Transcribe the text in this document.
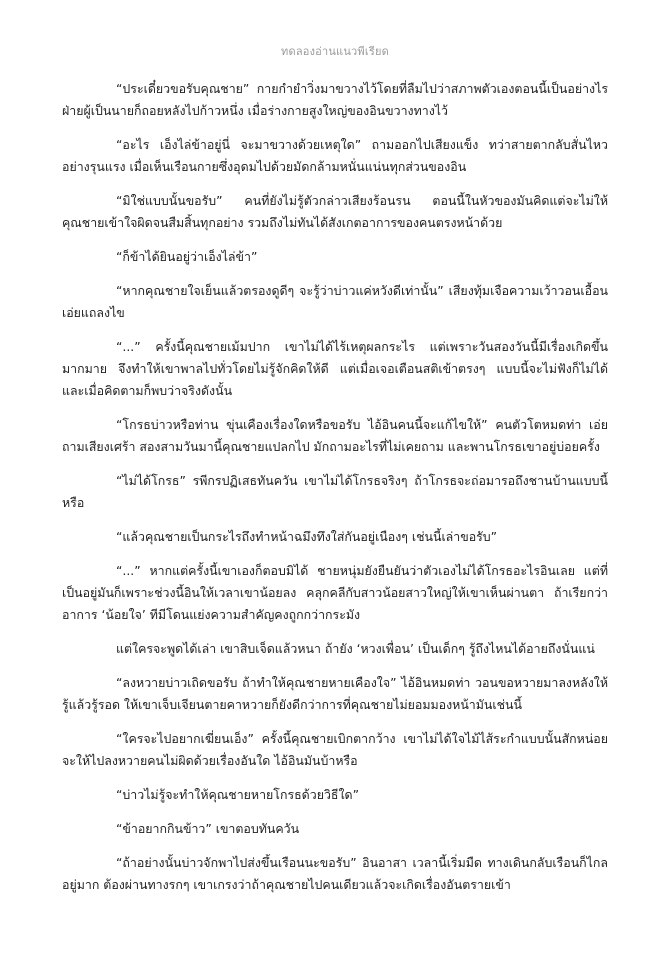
ทดลองอ่านแนวพีเรียด

“ประเดี๋ยวขอรับคุณชาย” กายกำยำวิ่งมาขวางไว้โดยที่ลืมไปว่าสภาพตัวเองตอนนี้เป็นอย่างไร ฝ่ายผู้เป็นนายก็ถอยหลังไปก้าวหนึ่ง เมื่อร่างกายสูงใหญ่ของอินขวางทางไว้

“อะไร เอ็งไล่ข้าอยู่นี่ จะมาขวางด้วยเหตุใด” ถามออกไปเสียงแข็ง ทว่าสายตากลับสั่นไหวอย่างรุนแรง เมื่อเห็นเรือนกายซึ่งอุดมไปด้วยมัดกล้ามหนั่นแน่นทุกส่วนของอิน

“มิใช่แบบนั้นขอรับ” คนที่ยังไม่รู้ตัวกล่าวเสียงร้อนรน ตอนนี้ในหัวของมันคิดแต่จะไม่ให้คุณชายเข้าใจผิดจนสืมสิ้นทุกอย่าง รวมถึงไม่ทันได้สังเกตอาการของคนตรงหน้าด้วย

“ก็ข้าได้ยินอยู่ว่าเอ็งไล่ข้า”

“หากคุณชายใจเย็นแล้วตรองดูดีๆ จะรู้ว่าบ่าวแค่หวังดีเท่านั้น” เสียงทุ้มเจือความเว้าวอนเอื้อนเอ่ยแถลงไข

“...” ครั้งนี้คุณชายเม้มปาก เขาไม่ได้ไร้เหตุผลกระไร แต่เพราะวันสองวันนี้มีเรื่องเกิดขึ้นมากมาย จึงทำให้เขาพาลไปทั่วโดยไม่รู้จักคิดให้ดี แต่เมื่อเจอเตือนสติเข้าตรงๆ แบบนี้จะไม่ฟังก็ไม่ได้ และเมื่อคิดตามก็พบว่าจริงดังนั้น

“โกรธบ่าวหรือท่าน ขุ่นเคืองเรื่องใดหรือขอรับ ไอ้อินคนนี้จะแก้ไขให้” คนตัวโตหมดท่า เอ่ยถามเสียงเศร้า สองสามวันมานี้คุณชายแปลกไป มักถามอะไรที่ไม่เคยถาม และพานโกรธเขาอยู่บ่อยครั้ง

“ไม่ได้โกรธ” รพีกรปฏิเสธทันควัน เขาไม่ได้โกรธจริงๆ ถ้าโกรธจะถ่อมารอถึงชานบ้านแบบนี้หรือ

“แล้วคุณชายเป็นกระไรถึงทำหน้าฉมึงทึงใส่กันอยู่เนืองๆ เช่นนี้เล่าขอรับ”

“...” หากแต่ครั้งนี้เขาเองก็ตอบมิได้ ชายหนุ่มยังยืนยันว่าตัวเองไม่ได้โกรธอะไรอินเลย แต่ที่เป็นอยู่มันก็เพราะช่วงนี้อินให้เวลาเขาน้อยลง คลุกคลีกับสาวน้อยสาวใหญ่ให้เขาเห็นผ่านตา ถ้าเรียกว่าอาการ ‘น้อยใจ’ ทีมีโดนแย่งความสำคัญคงถูกกว่ากระมัง

แต่ใครจะพูดได้เล่า เขาสิบเจ็ดแล้วหนา ถ้ายัง ‘หวงเพื่อน’ เป็นเด็กๆ รู้ถึงไหนได้อายถึงนั่นแน่

“ลงหวายบ่าวเถิดขอรับ ถ้าทำให้คุณชายหายเคืองใจ” ไอ้อินหมดท่า วอนขอหวายมาลงหลังให้รู้แล้วรู้รอด ให้เขาเจ็บเจียนตายคาหวายก็ยังดีกว่าการที่คุณชายไม่ยอมมองหน้ามันเช่นนี้

“ใครจะไปอยากเฆี่ยนเอ็ง” ครั้งนี้คุณชายเบิกตากว้าง เขาไม่ได้ใจไม้ไส้ระกำแบบนั้นสักหน่อย จะให้ไปลงหวายคนไม่ผิดด้วยเรื่องอันใด ไอ้อินมันบ้าหรือ

“บ่าวไม่รู้จะทำให้คุณชายหายโกรธด้วยวิธีใด”

“ข้าอยากกินข้าว” เขาตอบทันควัน

“ถ้าอย่างนั้นบ่าวจักพาไปส่งขึ้นเรือนนะขอรับ” อินอาสา เวลานี้เริ่มมืด ทางเดินกลับเรือนก็ไกลอยู่มาก ต้องผ่านทางรกๆ เขาเกรงว่าถ้าคุณชายไปคนเดียวแล้วจะเกิดเรื่องอันตรายเข้า
